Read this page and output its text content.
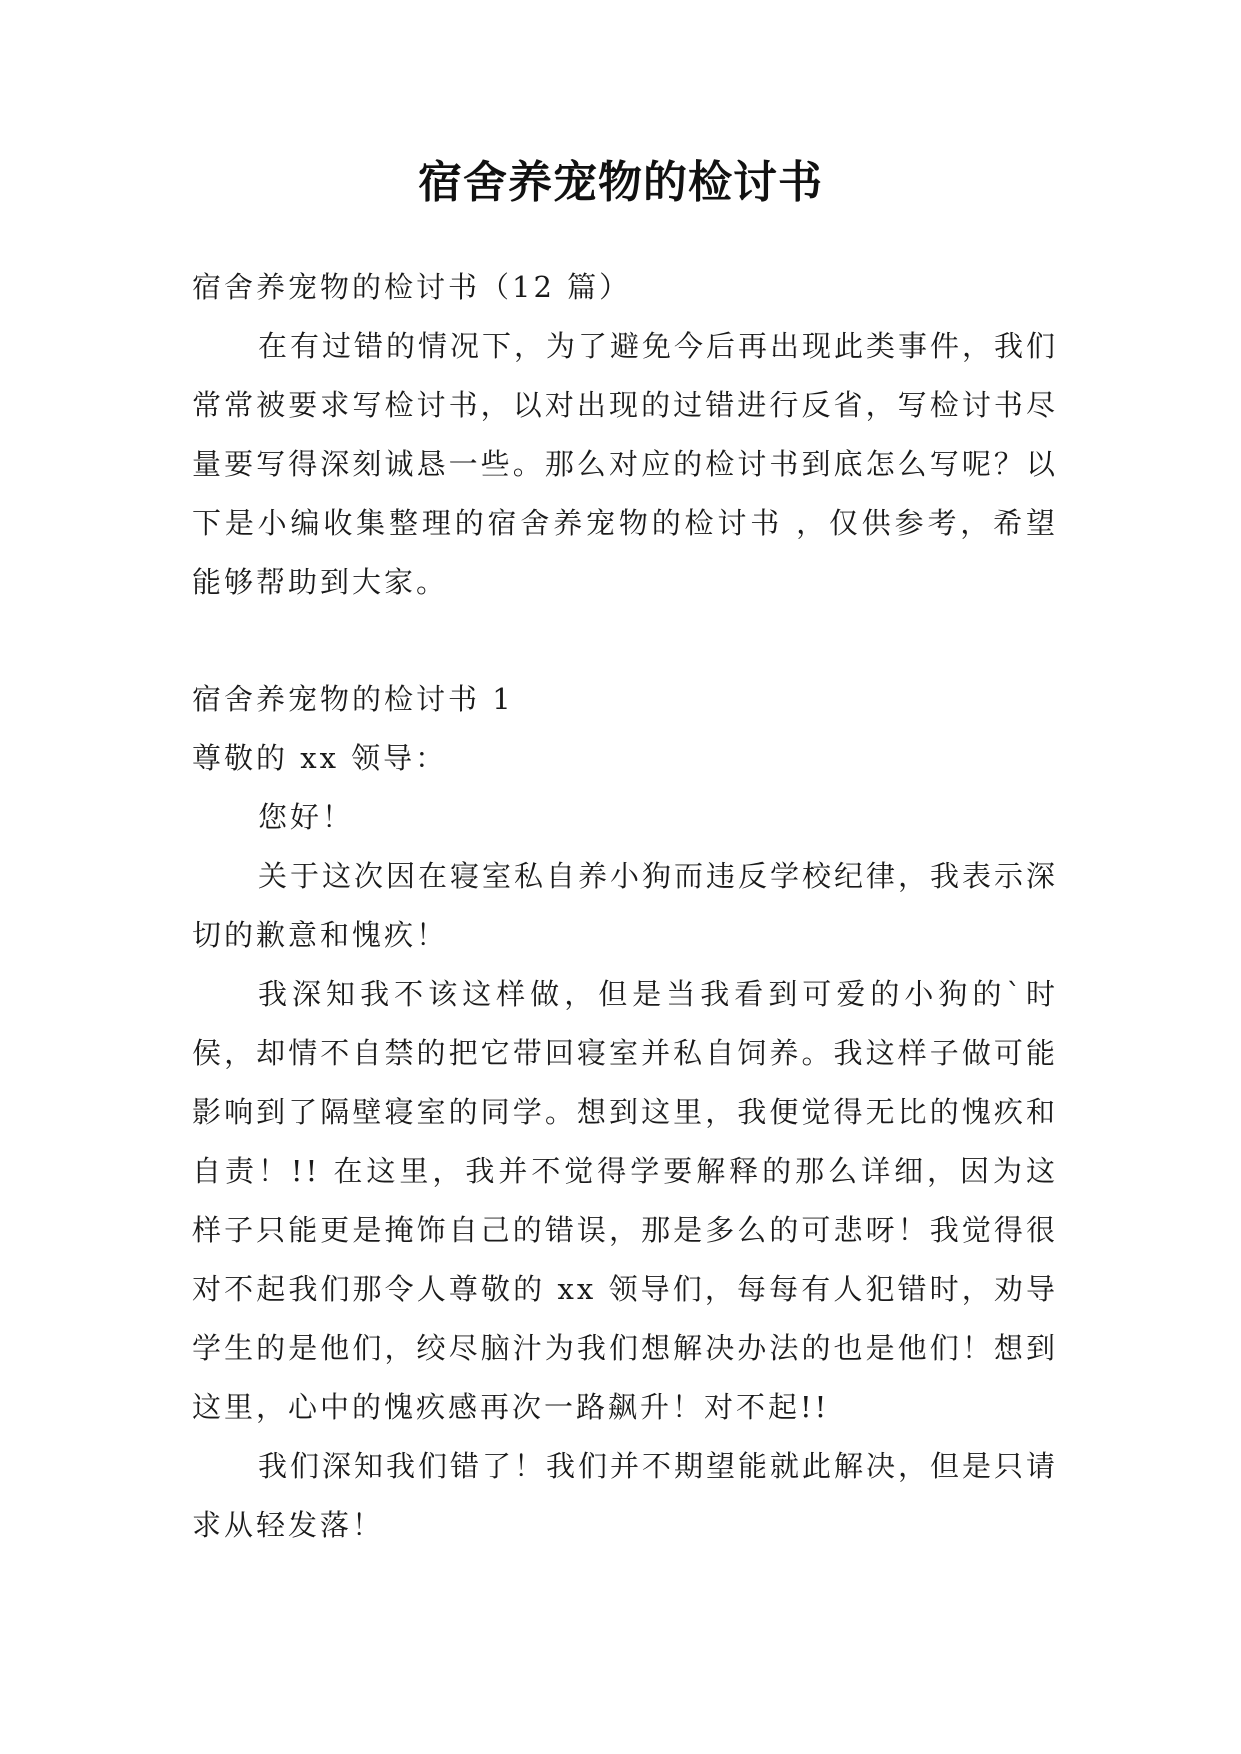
宿舍养宠物的检讨书

宿舍养宠物的检讨书（12 篇）

在有过错的情况下，为了避免今后再出现此类事件，我们常常被要求写检讨书，以对出现的过错进行反省，写检讨书尽量要写得深刻诚恳一些。那么对应的检讨书到底怎么写呢？以下是小编收集整理的宿舍养宠物的检讨书 ，仅供参考，希望能够帮助到大家。

宿舍养宠物的检讨书 1

尊敬的 xx 领导：

您好！

关于这次因在寝室私自养小狗而违反学校纪律，我表示深切的歉意和愧疚！

我深知我不该这样做，但是当我看到可爱的小狗的`时侯，却情不自禁的把它带回寝室并私自饲养。我这样子做可能影响到了隔壁寝室的同学。想到这里，我便觉得无比的愧疚和自责！!! 在这里，我并不觉得学要解释的那么详细，因为这样子只能更是掩饰自己的错误，那是多么的可悲呀！我觉得很对不起我们那令人尊敬的 xx 领导们，每每有人犯错时，劝导学生的是他们，绞尽脑汁为我们想解决办法的也是他们！想到这里，心中的愧疚感再次一路飙升！对不起!!

我们深知我们错了！我们并不期望能就此解决，但是只请求从轻发落！
